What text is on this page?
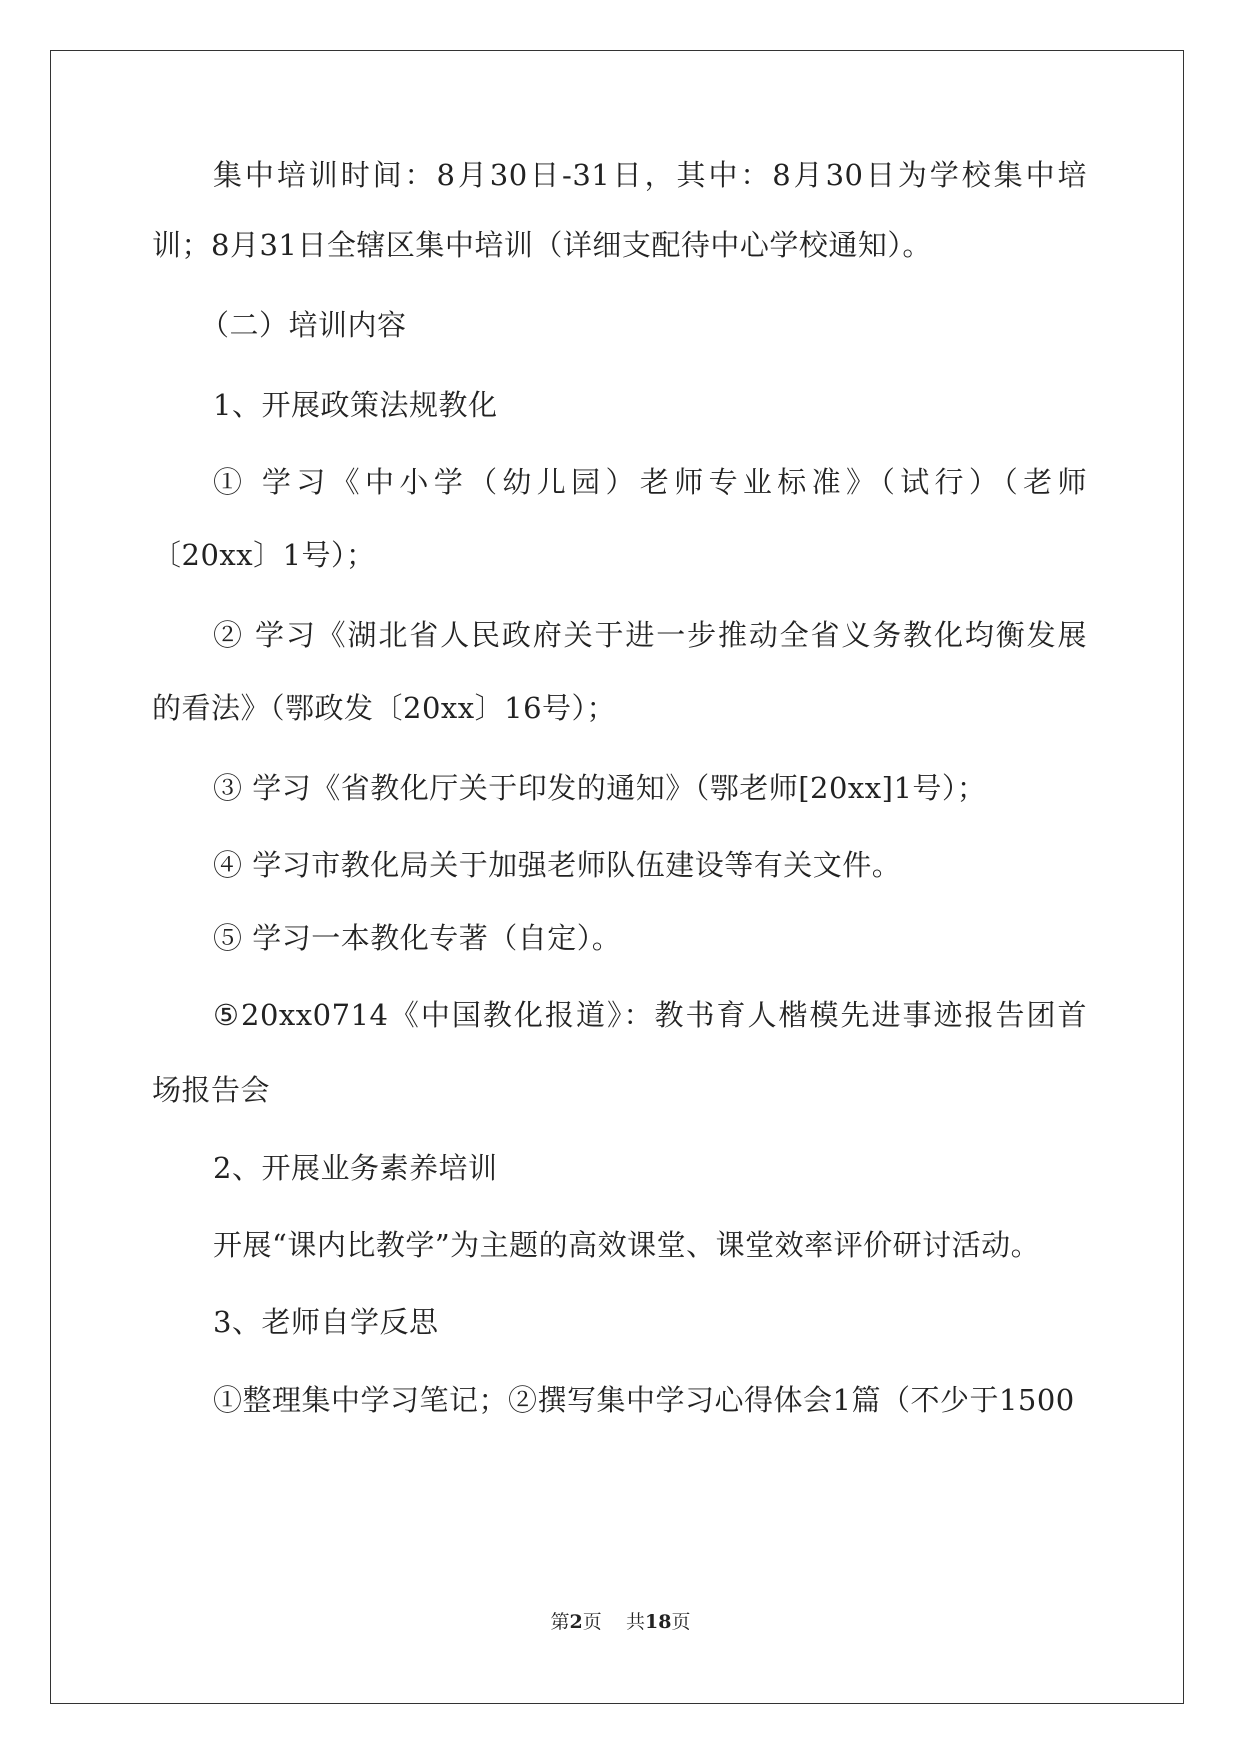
集中培训时间：8月30日-31日，其中：8月30日为学校集中培
训；8月31日全辖区集中培训（详细支配待中心学校通知）。
（二）培训内容
1、开展政策法规教化
① 学习《中小学（幼儿园）老师专业标准》（试行）（老师
〔20xx〕1号）；
② 学习《湖北省人民政府关于进一步推动全省义务教化均衡发展
的看法》（鄂政发〔20xx〕16号）；
③ 学习《省教化厅关于印发的通知》（鄂老师[20xx]1号）；
④ 学习市教化局关于加强老师队伍建设等有关文件。
⑤ 学习一本教化专著（自定）。
⑤20xx0714《中国教化报道》：教书育人楷模先进事迹报告团首
场报告会
2、开展业务素养培训
开展“课内比教学”为主题的高效课堂、课堂效率评价研讨活动。
3、老师自学反思
①整理集中学习笔记；②撰写集中学习心得体会1篇（不少于1500
第2页 共18页
